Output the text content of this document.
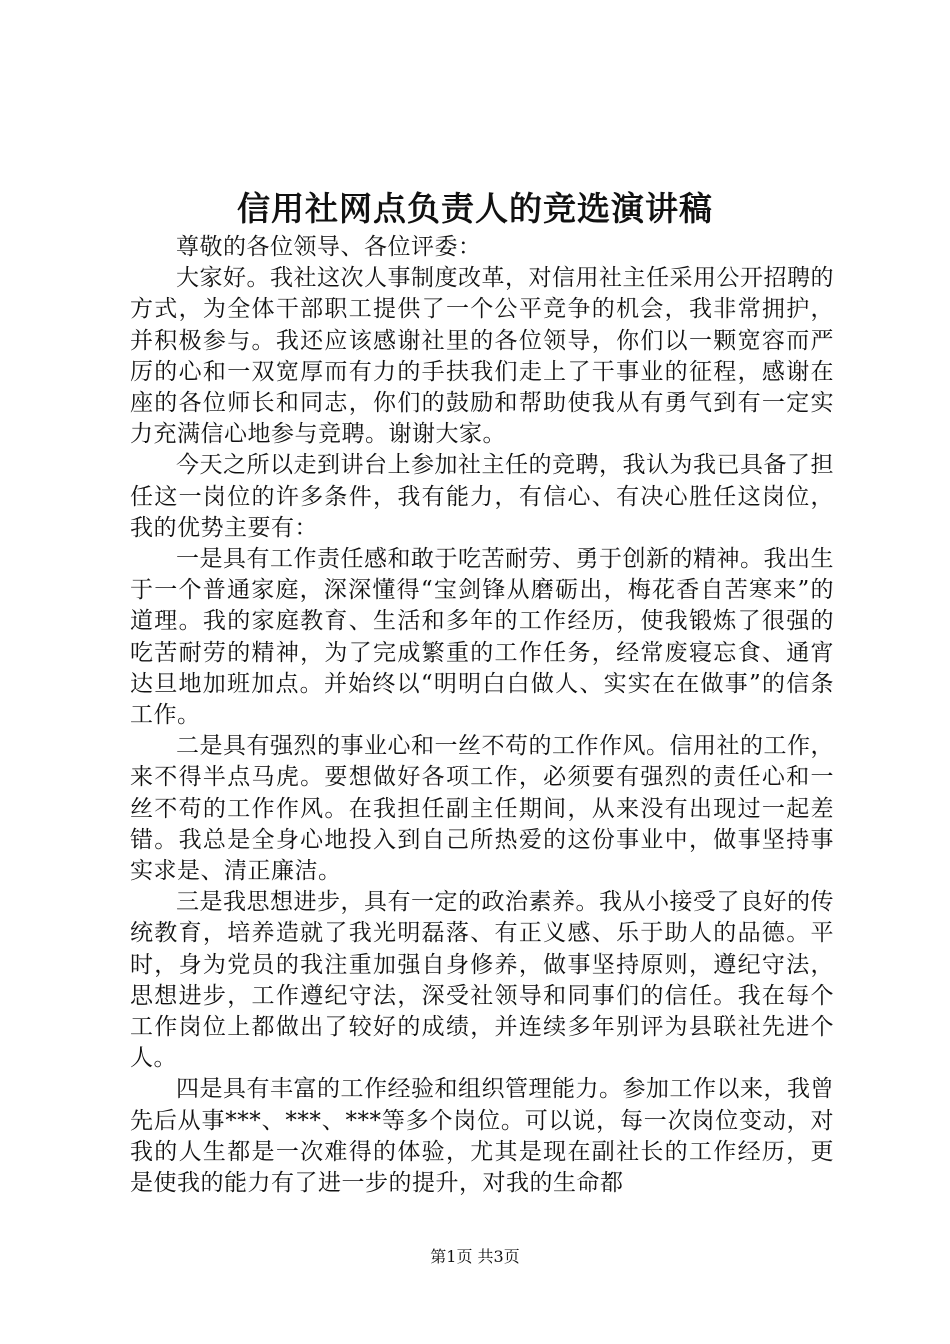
信用社网点负责人的竞选演讲稿

尊敬的各位领导、各位评委：

大家好。我社这次人事制度改革，对信用社主任采用公开招聘的方式，为全体干部职工提供了一个公平竞争的机会，我非常拥护，并积极参与。我还应该感谢社里的各位领导，你们以一颗宽容而严厉的心和一双宽厚而有力的手扶我们走上了干事业的征程，感谢在座的各位师长和同志，你们的鼓励和帮助使我从有勇气到有一定实力充满信心地参与竞聘。谢谢大家。

今天之所以走到讲台上参加社主任的竞聘，我认为我已具备了担任这一岗位的许多条件，我有能力，有信心、有决心胜任这岗位，我的优势主要有：

一是具有工作责任感和敢于吃苦耐劳、勇于创新的精神。我出生于一个普通家庭，深深懂得“宝剑锋从磨砺出，梅花香自苦寒来”的道理。我的家庭教育、生活和多年的工作经历，使我锻炼了很强的吃苦耐劳的精神，为了完成繁重的工作任务，经常废寝忘食、通宵达旦地加班加点。并始终以“明明白白做人、实实在在做事”的信条工作。

二是具有强烈的事业心和一丝不苟的工作作风。信用社的工作，来不得半点马虎。要想做好各项工作，必须要有强烈的责任心和一丝不苟的工作作风。在我担任副主任期间，从来没有出现过一起差错。我总是全身心地投入到自己所热爱的这份事业中，做事坚持事实求是、清正廉洁。

三是我思想进步，具有一定的政治素养。我从小接受了良好的传统教育，培养造就了我光明磊落、有正义感、乐于助人的品德。平时，身为党员的我注重加强自身修养，做事坚持原则，遵纪守法，思想进步，工作遵纪守法，深受社领导和同事们的信任。我在每个工作岗位上都做出了较好的成绩，并连续多年别评为县联社先进个人。

四是具有丰富的工作经验和组织管理能力。参加工作以来，我曾先后从事***、***、***等多个岗位。可以说，每一次岗位变动，对我的人生都是一次难得的体验，尤其是现在副社长的工作经历，更是使我的能力有了进一步的提升，对我的生命都

第1页 共3页
